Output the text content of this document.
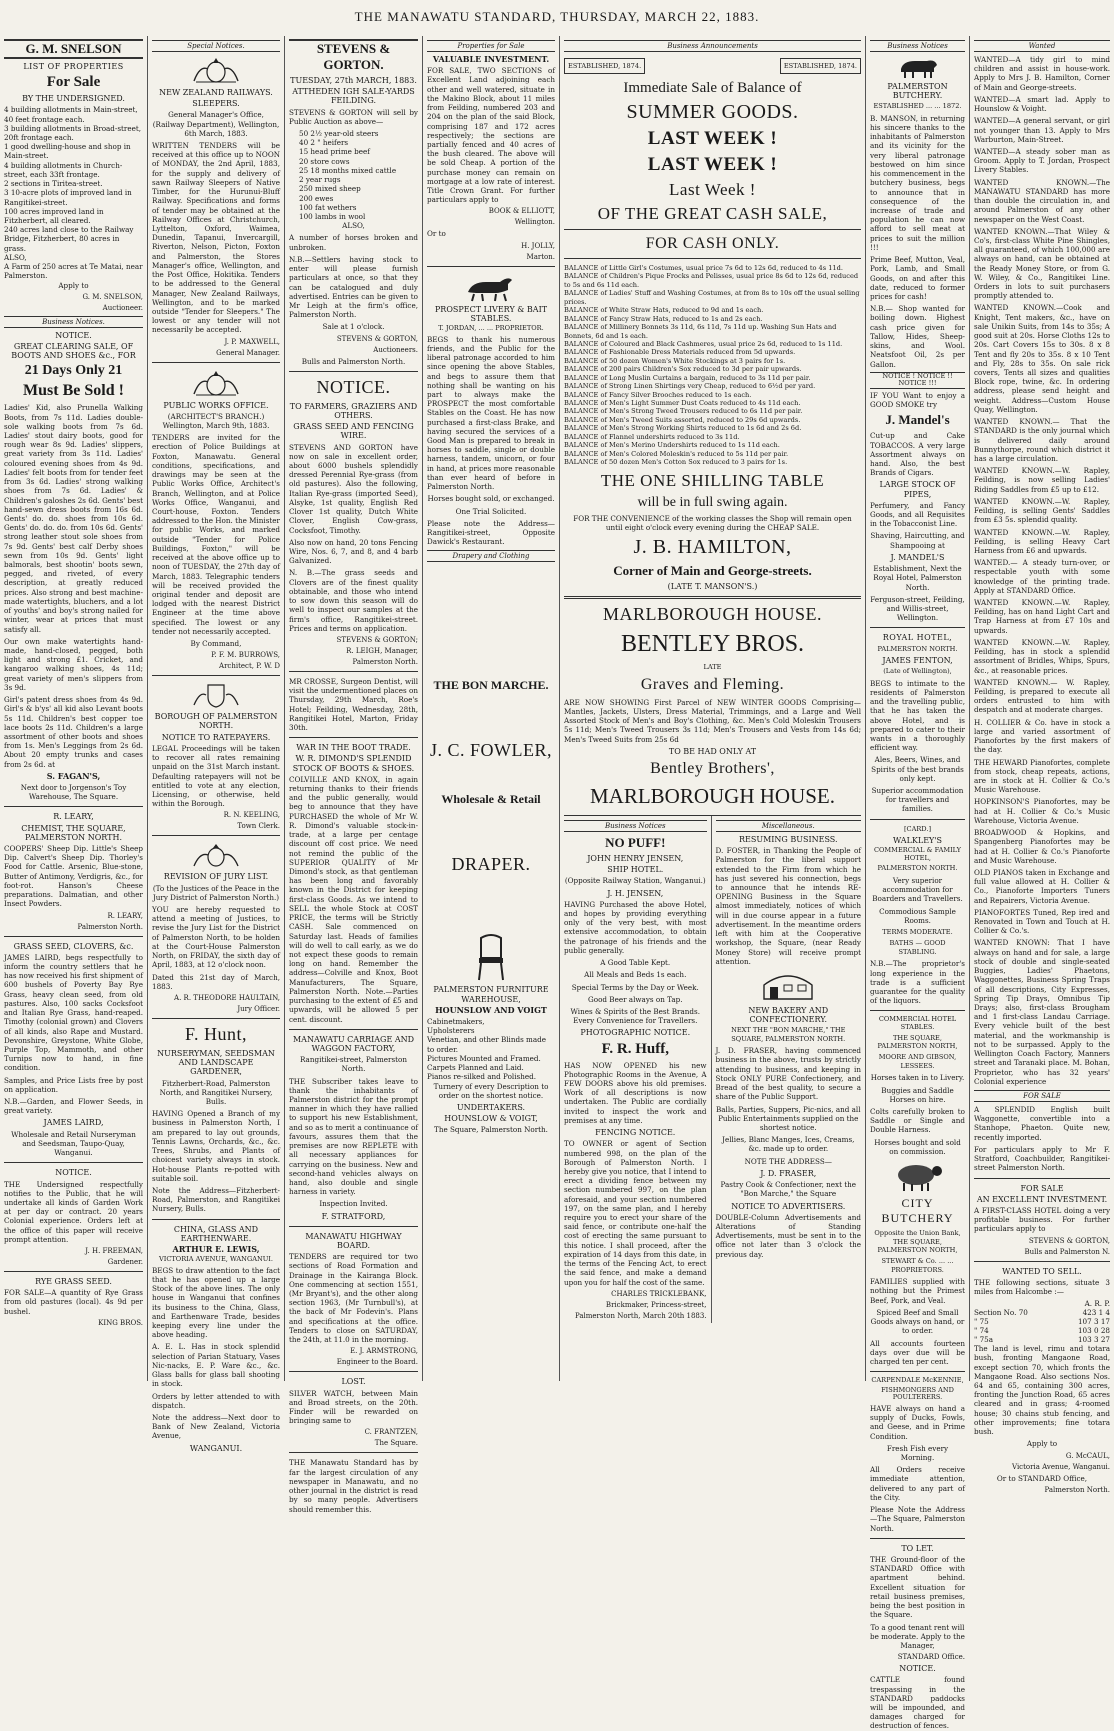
THE MANAWATU STANDARD, THURSDAY, MARCH 22, 1883.
G. M. SNELSON
LIST OF PROPERTIES
For Sale
BY THE UNDERSIGNED.

4 building allotments in Main-street, 40 feet frontage each.

3 building allotments in Broad-street, 20ft frontage each.

1 good dwelling-house and shop in Main-street.

4 building allotments in Church-street, each 33ft frontage.

2 sections in Tiritea-street.

3 10-acre plots of improved land in Rangitikei-street.

100 acres improved land in Fitzherbert, all cleared.

240 acres land close to the Railway Bridge, Fitzherbert, 80 acres in grass.

ALSO,

A Farm of 250 acres at Te Matai, near Palmerston.

Apply to

G. M. SNELSON,
Auctioneer.
Business Notices.
NOTICE.
GREAT CLEARING SALE, OF BOOTS AND SHOES &c., FOR
21 Days Only 21
Must Be Sold !

Ladies' Kid, also Prunella Walking Boots, from 7s 11d. Ladies double-sole walking boots from 7s 6d. Ladies' stout dairy boots, good for rough wear 8s 9d. Ladies' slippers, great variety from 3s 11d. Ladies' coloured evening shoes from 4s 9d. Ladies' felt boots from for tender feet from 3s 6d. Ladies' strong walking shoes from 7s 6d. Ladies' & Children's galoshes 2s 6d. Gents' best hand-sewn dress boots from 16s 6d. Gents' do. do. shoes from 10s 6d. Gents' do. do. do. from 10s 6d. Gents' strong leather stout sole shoes from 7s 9d. Gents' best calf Derby shoes sewn from 10s 9d. Gents' light balmorals, best shootin' boots sewn, pegged, and riveted, of every description, at greatly reduced prices. Also strong and best machine-made watertights, bluchers, and a lot of youths' and boy's strong nailed for winter, wear at prices that must satisfy all.

Our own make watertights hand-made, hand-closed, pegged, both light and strong £1. Cricket, and kangaroo walking shoes, 4s 11d; great variety of men's slippers from 3s 9d.

Girl's patent dress shoes from 4s 9d. Girl's & b'ys' all kid also Levant boots 5s 11d. Children's best copper toe lace boots 2s 11d. Children's a large assortment of other boots and shoes from 1s. Men's Leggings from 2s 6d. About 20 empty trunks and cases from 2s 6d. at

S. FAGAN'S,

Next door to Jorgenson's Toy Warehouse, The Square.

R. LEARY,
CHEMIST, THE SQUARE, PALMERSTON NORTH.

COOPERS' Sheep Dip. Little's Sheep Dip. Calvert's Sheep Dip. Thorley's Food for Cattle. Arsenic, Blue-stone, Butter of Antimony, Verdigris, &c., for foot-rot. Hanson's Cheese preparations. Dalmatian, and other Insect Powders.

R. LEARY,
Palmerston North.
GRASS SEED, CLOVERS, &c.

JAMES LAIRD, begs respectfully to inform the country settlers that he has now received his first shipment of 600 bushels of Poverty Bay Rye Grass, heavy clean seed, from old pastures. Also, 100 sacks Cocksfoot and Italian Rye Grass, hand-reaped. Timothy (colonial grown) and Clovers of all kinds, also Rape and Mustard. Devonshire, Greystone, White Globe, Purple Top, Mammoth, and other Turnips now to hand, in fine condition.

Samples, and Price Lists free by post on application.

N.B.—Garden, and Flower Seeds, in great variety.

JAMES LAIRD,

Wholesale and Retail Nurseryman and Seedsman, Taupo-Quay, Wanganui.

NOTICE.

THE Undersigned respectfully notifies to the Public, that he will undertake all kinds of Garden Work at per day or contract. 20 years Colonial experience. Orders left at the office of this paper will receive prompt attention.

J. H. FREEMAN,
Gardener.
RYE GRASS SEED.

FOR SALE—A quantity of Rye Grass from old pastures (local). 4s 9d per bushel.

KING BROS.
Special Notices.
NEW ZEALAND RAILWAYS.
SLEEPERS.

General Manager's Office, (Railway Department), Wellington, 6th March, 1883.

WRITTEN TENDERS will be received at this office up to NOON of MONDAY, the 2nd April, 1883, for the supply and delivery of sawn Railway Sleepers of Native Timber, for the Hurunui-Bluff Railway. Specifications and forms of tender may be obtained at the Railway Offices at Christchurch, Lyttelton, Oxford, Waimea, Dunedin, Tapanui, Invercargill, Riverton, Nelson, Picton, Foxton and Palmerston, the Stores Manager's office, Wellington, and the Post Office, Hokitika. Tenders to be addressed to the General Manager, New Zealand Railways, Wellington, and to be marked outside "Tender for Sleepers." The lowest or any tender will not necessarily be accepted.

J. P. MAXWELL,
General Manager.
PUBLIC WORKS OFFICE.

(ARCHITECT'S BRANCH.) Wellington, March 9th, 1883.

TENDERS are invited for the erection of Police Buildings at Foxton, Manawatu. General conditions, specifications, and drawings may be seen at the Public Works Office, Architect's Branch, Wellington, and at Police Works Office, Wanganui, and Court-house, Foxton. Tenders addressed to the Hon. the Minister for public Works, and marked outside "Tender for Police Buildings, Foxton," will be received at the above office up to noon of TUESDAY, the 27th day of March, 1883. Telegraphic tenders will be received provided the original tender and deposit are lodged with the nearest District Engineer at the time above specified. The lowest or any tender not necessarily accepted.

By Command,

P. F. M. BURROWS,
Architect, P. W. D
BOROUGH OF PALMERSTON NORTH.
NOTICE TO RATEPAYERS.

LEGAL Proceedings will be taken to recover all rates remaining unpaid on the 31st March instant. Defaulting ratepayers will not be entitled to vote at any election, Licensing, or otherwise, held within the Borough.

R. N. KEELING,
Town Clerk.
REVISION OF JURY LIST.

(To the Justices of the Peace in the Jury District of Palmerston North.)

YOU are hereby requested to attend a meeting of Justices, to revise the Jury List for the District of Palmerston North, to be holden at the Court-House Palmerston North, on FRIDAY, the sixth day of April, 1883, at 12 o'clock noon.

Dated this 21st day of March, 1883.

A. R. THEODORE HAULTAIN,
Jury Officer.
F. Hunt,
NURSERYMAN, SEEDSMAN AND LANDSCAPE GARDENER,

Fitzherbert-Road, Palmerston North, and Rangitikei Nursery, Bulls.

HAVING Opened a Branch of my business in Palmerston North, I am prepared to lay out grounds, Tennis Lawns, Orchards, &c., &c. Trees, Shrubs, and Plants of choicest variety always in stock. Hot-house Plants re-potted with suitable soil.

Note the Address—Fitzherbert-Road, Palmerston, and Rangitikei Nursery, Bulls.

CHINA, GLASS AND EARTHENWARE.
ARTHUR E. LEWIS,
VICTORIA AVENUE, WANGANUI.

BEGS to draw attention to the fact that he has opened up a large Stock of the above lines. The only house in Wanganui that confines its business to the China, Glass, and Earthenware Trade, besides keeping every line under the above heading.

A. E. L. Has in stock splendid selection of Parian Statuary, Vases Nic-nacks, E. P. Ware &c., &c. Glass balls for glass ball shooting in stock.

Orders by letter attended to with dispatch.

Note the address—Next door to Bank of New Zealand, Victoria Avenue,

WANGANUI.
STEVENS & GORTON.
TUESDAY, 27th MARCH, 1883.
ATTHEDEN IGH SALE-YARDS FEILDING.

STEVENS & GORTON will sell by Public Auction as above—

50 2½ year-old steers

40 2 " heifers

15 head prime beef

20 store cows

25 18 months mixed cattle

2 year rugs

250 mixed sheep

200 ewes

100 fat wethers

100 lambs in wool

ALSO,

A number of horses broken and unbroken.

N.B.—Settlers having stock to enter will please furnish particulars at once, so that they can be catalogued and duly advertised. Entries can be given to Mr Leigh at the firm's office, Palmerston North.

Sale at 1 o'clock.

STEVENS & GORTON,
Auctioneers.

Bulls and Palmerston North.

NOTICE.
TO FARMERS, GRAZIERS AND OTHERS.
GRASS SEED AND FENCING WIRE.

STEVENS AND GORTON have now on sale in excellent order, about 6000 bushels splendidly dressed Perennial Rye-grass (from old pastures). Also the following, Italian Rye-grass (imported Seed), Alsyke, 1st quality, English Red Clover 1st quality, Dutch White Clover, English Cow-grass, Cocksfoot, Timothy.

Also now on hand, 20 tons Fencing Wire, Nos. 6, 7, and 8, and 4 barb Galvanized.

N. B.—The grass seeds and Clovers are of the finest quality obtainable, and those who intend to sow down this season will do well to inspect our samples at the firm's office, Rangitikei-street. Prices and terms on application.

STEVENS & GORTON;
R. LEIGH, Manager,
Palmerston North.

MR CROSSE, Surgeon Dentist, will visit the undermentioned places on Thursday, 29th March, Roe's Hotel; Feilding, Wednesday, 28th, Rangitikei Hotel, Marton, Friday 30th.

WAR IN THE BOOT TRADE.
W. R. DIMOND'S SPLENDID STOCK OF BOOTS & SHOES.

COLVILLE AND KNOX, in again returning thanks to their friends and the public generally, would beg to announce that they have PURCHASED the whole of Mr W. R. Dimond's valuable stock-in-trade, at a large per centage discount off cost price. We need not remind the public of the SUPERIOR QUALITY of Mr Dimond's stock, as that gentleman has been long and favorably known in the District for keeping first-class Goods. As we intend to SELL the whole Stock at COST PRICE, the terms will be Strictly CASH. Sale commenced on Saturday last. Heads of families will do well to call early, as we do not expect these goods to remain long on hand. Remember the address—Colville and Knox, Boot Manufacturers, The Square, Palmerston North. Note.—Parties purchasing to the extent of £5 and upwards, will be allowed 5 per cent. discount.

MANAWATU CARRIAGE AND WAGGON FACTORY,

Rangitikei-street, Palmerston North.

THE Subscriber takes leave to thank the inhabitants of Palmerston district for the prompt manner in which they have rallied to support his new Establishment, and so as to merit a continuance of favours, assures them that the premises are now REPLETE with all necessary appliances for carrying on the business. New and second-hand vehicles always on hand, also double and single harness in variety.

Inspection Invited.

F. STRATFORD,
MANAWATU HIGHWAY BOARD.

TENDERS are required tor two sections of Road Formation and Drainage in the Kairanga Block. One commencing at section 1551, (Mr Bryant's), and the other along section 1963, (Mr Turnbull's), at the back of Mr Fodevin's. Plans and specifications at the office. Tenders to close on SATURDAY, the 24th, at 11.0 in the morning.

E. J. ARMSTRONG,
Engineer to the Board.
LOST.

SILVER WATCH, between Main and Broad streets, on the 20th. Finder will be rewarded on bringing same to

C. FRANTZEN,
The Square.

THE Manawatu Standard has by far the largest circulation of any newspaper in Manawatu, and no other journal in the district is read by so many people. Advertisers should remember this.

Properties for Sale
VALUABLE INVESTMENT.

FOR SALE, TWO SECTIONS of Excellent Land adjoining each other and well watered, situate in the Makino Block, about 11 miles from Feilding, numbered 203 and 204 on the plan of the said Block, comprising 187 and 172 acres respectively; the sections are partially fenced and 40 acres of the bush cleared. The above will be sold Cheap. A portion of the purchase money can remain on mortgage at a low rate of interest. Title Crown Grant. For further particulars apply to

BOOK & ELLIOTT,
Wellington.

Or to

H. JOLLY,
Marton.
PROSPECT LIVERY & BAIT STABLES.
T. JORDAN, ... ... PROPRIETOR.

BEGS to thank his numerous friends, and the Public for the liberal patronage accorded to him since opening the above Stables, and begs to assure them that nothing shall be wanting on his part to always make the PROSPECT the most comfortable Stables on the Coast. He has now purchased a first-class Brake, and having secured the services of a Good Man is prepared to break in horses to saddle, single or double harness, tandem, unicorn, or four in hand, at prices more reasonable than ever heard of before in Palmerston North.

Horses bought sold, or exchanged.

One Trial Solicited.

Please note the Address—Rangitikei-street, Opposite Dawick's Restaurant.

Drapery and Clothing
THE BON MARCHE.
J. C. FOWLER,
Wholesale & Retail
DRAPER.
PALMERSTON FURNITURE WAREHOUSE,
HOUNSLOW AND VOIGT

Cabinetmakers,

Upholsterers

Venetian, and other Blinds made to order.

Pictures Mounted and Framed.

Carpets Planned and Laid.

Pianos re-silked and Polished.

Turnery of every Description to order on the shortest notice.

UNDERTAKERS.
HOUNSLOW & VOIGT,

The Square, Palmerston North.

Business Announcements
ESTABLISHED, 1874.	ESTABLISHED, 1874.
Immediate Sale of Balance of
SUMMER GOODS.
LAST WEEK !
LAST WEEK !
Last Week !
OF THE GREAT CASH SALE,
FOR CASH ONLY.

BALANCE of Little Girl's Costumes, usual price 7s 6d to 12s 6d, reduced to 4s 11d.

BALANCE of Children's Pique Frocks and Pelisses, usual price 8s 6d to 12s 6d, reduced to 5s and 6s 11d each.

BALANCE of Ladies' Stuff and Washing Costumes, at from 8s to 10s off the usual selling prices.

BALANCE of White Straw Hats, reduced to 9d and 1s each.

BALANCE of Fancy Straw Hats, reduced to 1s and 2s each.

BALANCE of Millinery Bonnets 3s 11d, 6s 11d, 7s 11d up. Washing Sun Hats and Bonnets, 6d and 1s each.

BALANCE of Coloured and Black Cashmeres, usual price 2s 6d, reduced to 1s 11d.

BALANCE of Fashionable Dress Materials reduced from 5d upwards.

BALANCE of 50 dozen Women's White Stockings at 3 pairs for 1s.

BALANCE of 200 pairs Children's Sox reduced to 3d per pair upwards.

BALANCE of Long Muslin Curtains a bargain, reduced to 3s 11d per pair.

BALANCE of Strong Linen Shirtings very Cheap, reduced to 6½d per yard.

BALANCE of Fancy Silver Brooches reduced to 1s each.

BALANCE of Men's Light Summer Dust Coats reduced to 4s 11d each.

BALANCE of Men's Strong Tweed Trousers reduced to 6s 11d per pair.

BALANCE of Men's Tweed Suits assorted, reduced to 29s 6d upwards.

BALANCE of Men's Strong Working Shirts reduced to 1s 6d and 2s 6d.

BALANCE of Flannel undershirts reduced to 3s 11d.

BALANCE of Men's Merino Undershirts reduced to 1s 11d each.

BALANCE of Men's Colored Moleskin's reduced to 5s 11d per pair.

BALANCE of 50 dozen Men's Cotton Sox reduced to 3 pairs for 1s.

THE ONE SHILLING TABLE
will be in full swing again.

FOR THE CONVENIENCE of the working classes the Shop will remain open until eight o'clock every evening during the CHEAP SALE.

J. B. HAMILTON,
Corner of Main and George-streets.
(LATE T. MANSON'S.)
MARLBOROUGH HOUSE.
BENTLEY BROS.
LATE
Graves and Fleming.

ARE NOW SHOWING First Parcel of NEW WINTER GOODS Comprising—Mantles, Jackets, Ulsters, Dress Material, Trimmings, and a Large and Well Assorted Stock of Men's and Boy's Clothing, &c. Men's Cold Moleskin Trousers 5s 11d; Men's Tweed Trousers 3s 11d; Men's Trousers and Vests from 14s 6d; Men's Tweed Suits from 25s 6d

TO BE HAD ONLY AT
Bentley Brothers',
MARLBOROUGH HOUSE.
Business Notices
NO PUFF!
JOHN HENRY JENSEN,
SHIP HOTEL.

(Opposite Railway Station, Wanganui.)

J. H. JENSEN,

HAVING Purchased the above Hotel, and hopes by providing everything only of the very best, with most extensive accommodation, to obtain the patronage of his friends and the public generally.

A Good Table Kept.

All Meals and Beds 1s each.

Special Terms by the Day or Week.

Good Beer always on Tap.

Wines & Spirits of the Best Brands. Every Convenience for Travellers.

PHOTOGRAPHIC NOTICE.
F. R. Huff,

HAS NOW OPENED his new Photographic Rooms in the Avenue, A FEW DOORS above his old premises. Work of all descriptions is now undertaken. The Public are cordially invited to inspect the work and premises at any time.

FENCING NOTICE.

TO OWNER or agent of Section numbered 998, on the plan of the Borough of Palmerston North. I hereby give you notice, that I intend to erect a dividing fence between my section numbered 997, on the plan aforesaid, and your section numbered 197, on the same plan, and I hereby require you to erect your share of the said fence, or contribute one-half the cost of erecting the same pursuant to this notice. I shall proceed, after the expiration of 14 days from this date, in the terms of the Fencing Act, to erect the said fence, and make a demand upon you for half the cost of the same.

CHARLES TRICKLEBANK,
Brickmaker, Princess-street,
Palmerston North, March 20th 1883.
Miscellaneous.
RESUMING BUSINESS.

D. FOSTER, in Thanking the People of Palmerston for the liberal support extended to the Firm from which he has just severed his connection, begs to announce that he intends RE-OPENING Business in the Square almost immediately, notices of which will in due course appear in a future advertisement. In the meantime orders left with him at the Cooperative workshop, the Square, (near Ready Money Store) will receive prompt attention.

NEW BAKERY AND CONFECTIONERY.

NEXT THE "BON MARCHE," THE SQUARE, PALMERSTON NORTH.

J. D. FRASER, having commenced business in the above, trusts by strictly attending to business, and keeping in Stock ONLY PURE Confectionery, and Bread of the best quality, to secure a share of the Public Support.

Balls, Parties, Suppers, Pic-nics, and all Public Entertainments supplied on the shortest notice.

Jellies, Blanc Manges, Ices, Creams, &c. made up to order.

NOTE THE ADDRESS—

J. D. FRASER,

Pastry Cook & Confectioner, next the "Bon Marche," the Square

NOTICE TO ADVERTISERS.

DOUBLE-Column Advertisements and Alterations of Standing Advertisements, must be sent in to the office not later than 3 o'clock the previous day.

Business Notices
PALMERSTON BUTCHERY.

ESTABLISHED ... ... 1872.

B. MANSON, in returning his sincere thanks to the inhabitants of Palmerston and its vicinity for the very liberal patronage bestowed on him since his commencement in the butchery business, begs to announce that in consequence of the increase of trade and population he can now afford to sell meat at prices to suit the million !!!

Prime Beef, Mutton, Veal, Pork, Lamb, and Small Goods, on and after this date, reduced to former prices for cash!

N.B.— Shop wanted for boiling down. Highest cash price given for Tallow, Hides, Sheep-skins, and Wool. Neatsfoot Oil, 2s per Gallon.

NOTICE ! NOTICE !! NOTICE !!!

IF YOU Want to enjoy a GOOD SMOKE try

J. Mandel's

Cut-up and Cake TOBACCOS. A very large Assortment always on hand. Also, the best Brands of Cigars.

LARGE STOCK OF PIPES,

Perfumery, and Fancy Goods, and all Requisites in the Tobacconist Line.

Shaving, Haircutting, and Shampooing at

J. MANDEL'S

Establishment, Next the Royal Hotel, Palmerston North.

Ferguson-street, Feilding, and Willis-street, Wellington.

ROYAL HOTEL,

PALMERSTON NORTH.

JAMES FENTON,

(Late of Wellington),

BEGS to intimate to the residents of Palmerston and the travelling public, that he has taken the above Hotel, and is prepared to cater to their wants in a thoroughly efficient way.

Ales, Beers, Wines, and Spirits of the best brands only kept.

Superior accommodation for travellers and families.

[CARD.]

WALKLEY'S
COMMERCIAL & FAMILY HOTEL,

PALMERSTON NORTH.

Very superior accommodation for Boarders and Travellers.

Commodious Sample Rooms.

TERMS MODERATE.

BATHS — GOOD STABLING.

N.B.—The proprietor's long experience in the trade is a sufficient guarantee for the quality of the liquors.

COMMERCIAL HOTEL STABLES.

THE SQUARE, PALMERSTON NORTH,

MOORE AND GIBSON, LESSEES.

Horses taken in to Livery.

Buggies and Saddle Horses on hire.

Colts carefully broken to Saddle or Single and Double Harness.

Horses bought and sold on commission.

CITY BUTCHERY

Opposite the Union Bank, THE SQUARE, PALMERSTON NORTH,

STEWART & Co. ... ... PROPRIETORS.

FAMILIES supplied with nothing but the Primest Beef, Pork, and Veal.

Spiced Beef and Small Goods always on hand, or to order.

All accounts fourteen days over due will be charged ten per cent.

CARPENDALE McKENNIE,
FISHMONGERS AND POULTERERS.

HAVE always on hand a supply of Ducks, Fowls, and Geese, and in Prime Condition.

Fresh Fish every Morning.

All Orders receive immediate attention, delivered to any part of the City.

Please Note the Address—The Square, Palmerston North.

TO LET.

THE Ground-floor of the STANDARD Office with apartment behind. Excellent situation for retail business premises, being the best position in the Square.

To a good tenant rent will be moderate. Apply to the Manager,

STANDARD Office.
NOTICE.

CATTLE found trespassing in the STANDARD paddocks will be impounded, and damages charged for destruction of fences.

Wanted

WANTED—A tidy girl to mind children and assist in house-work. Apply to Mrs J. B. Hamilton, Corner of Main and George-streets.

WANTED—A smart lad. Apply to Hounslow & Voight.

WANTED—A general servant, or girl not younger than 13. Apply to Mrs Warburton, Main-Street.

WANTED—A steady sober man as Groom. Apply to T. Jordan, Prospect Livery Stables.

WANTED KNOWN.—The MANAWATU STANDARD has more than double the circulation in, and around Palmerston of any other newspaper on the West Coast.

WANTED KNOWN.—That Wiley & Co's, first-class White Pine Shingles, all guaranteed, of which 100,000 are always on hand, can be obtained at the Ready Money Store, or from G. W. Wiley, & Co., Rangitikei Line. Orders in lots to suit purchasers promptly attended to.

WANTED KNOWN.—Cook and Knight, Tent makers, &c., have on sale Unikin Suits, from 14s to 35s; A good suit at 20s. Horse Cloths 12s to 20s. Cart Covers 15s to 30s. 8 x 8 Tent and fly 20s to 35s. 8 x 10 Tent and Fly, 28s to 35s. On sale rick covers, Tents all sizes and qualities Block rope, twine, &c. In ordering address, please send height and weight. Address—Custom House Quay, Wellington.

WANTED KNOWN.— That the STANDARD is the only journal which is delivered daily around Bunnythorpe, round which district it has a large circulation.

WANTED KNOWN.—W. Rapley, Feilding, is now selling Ladies' Riding Saddles from £5 up to £12.

WANTED KNOWN.—W. Rapley, Feilding, is selling Gents' Saddles from £3 5s. splendid quality.

WANTED KNOWN.—W. Rapley, Feilding, is selling Heavy Cart Harness from £6 and upwards.

WANTED.— A steady turn-over, or respectable youth with some knowledge of the printing trade. Apply at STANDARD Office.

WANTED KNOWN.—W. Rapley, Feilding, has on hand Light Cart and Trap Harness at from £7 10s and upwards.

WANTED KNOWN.—W. Rapley, Feilding, has in stock a splendid assortment of Bridles, Whips, Spurs, &c., at reasonable prices.

WANTED KNOWN.— W. Rapley, Feilding, is prepared to execute all orders entrusted to him with despatch and at moderate charges.

H. COLLIER & Co. have in stock a large and varied assortment of Pianofortes by the first makers of the day.

THE HEWARD Pianofortes, complete from stock, cheap repeats, actions, are in stock at H. Collier & Co.'s Music Warehouse.

HOPKINSON'S Pianofortes, may be had at H. Collier & Co.'s Music Warehouse, Victoria Avenue.

BROADWOOD & Hopkins, and Spangenberg Pianofortes may be had at H. Collier & Co.'s Pianoforte and Music Warehouse.

OLD PIANOS taken in Exchange and full value allowed at H. Collier & Co., Pianoforte Importers Tuners and Repairers, Victoria Avenue.

PIANOFORTES Tuned, Rep ired and Renovated in Town and Touch at H. Collier & Co.'s.

WANTED KNOWN: That I have always on hand and for sale, a large stock of double and single-seated Buggies, Ladies' Phaetons, Waggonettes, Business Spring Traps of all descriptions, City Expresses, Spring Tip Drays, Omnibus Tip Drays; also, first-class Brougham and 1 first-class Landau Carriage. Every vehicle built of the best material, and the workmanship is not to be surpassed. Apply to the Wellington Coach Factory, Manners street and Taranaki place. M. Bohan, Proprietor, who has 32 years' Colonial experience

FOR SALE

A SPLENDID English built Waggonette, convertible into a Stanhope, Phaeton. Quite new, recently imported.

For particulars apply to Mr F. Stratford, Coachbuilder, Rangitikei-street Palmerston North.

FOR SALE
AN EXCELLENT INVESTMENT.

A FIRST-CLASS HOTEL doing a very profitable business. For further particulars apply to

STEVENS & GORTON,
Bulls and Palmerston N.
WANTED TO SELL.

THE following sections, situate 3 miles from Halcombe :—

A. R. P.
Section No. 70	423 1 4
" 75	107 3 17
" 74	103 0 28
" 75a	103 3 27

The land is level, rimu and totara bush, fronting Mangaone Road, except section 70, which fronts the Mangaone Road. Also sections Nos. 64 and 65, containing 300 acres, fronting the Junction Road, 65 acres cleared and in grass; 4-roomed house; 30 chains stub fencing, and other improvements; fine totara bush.

Apply to

G. McCAUL,
Victoria Avenue, Wanganui.

Or to STANDARD Office,

Palmerston North.
